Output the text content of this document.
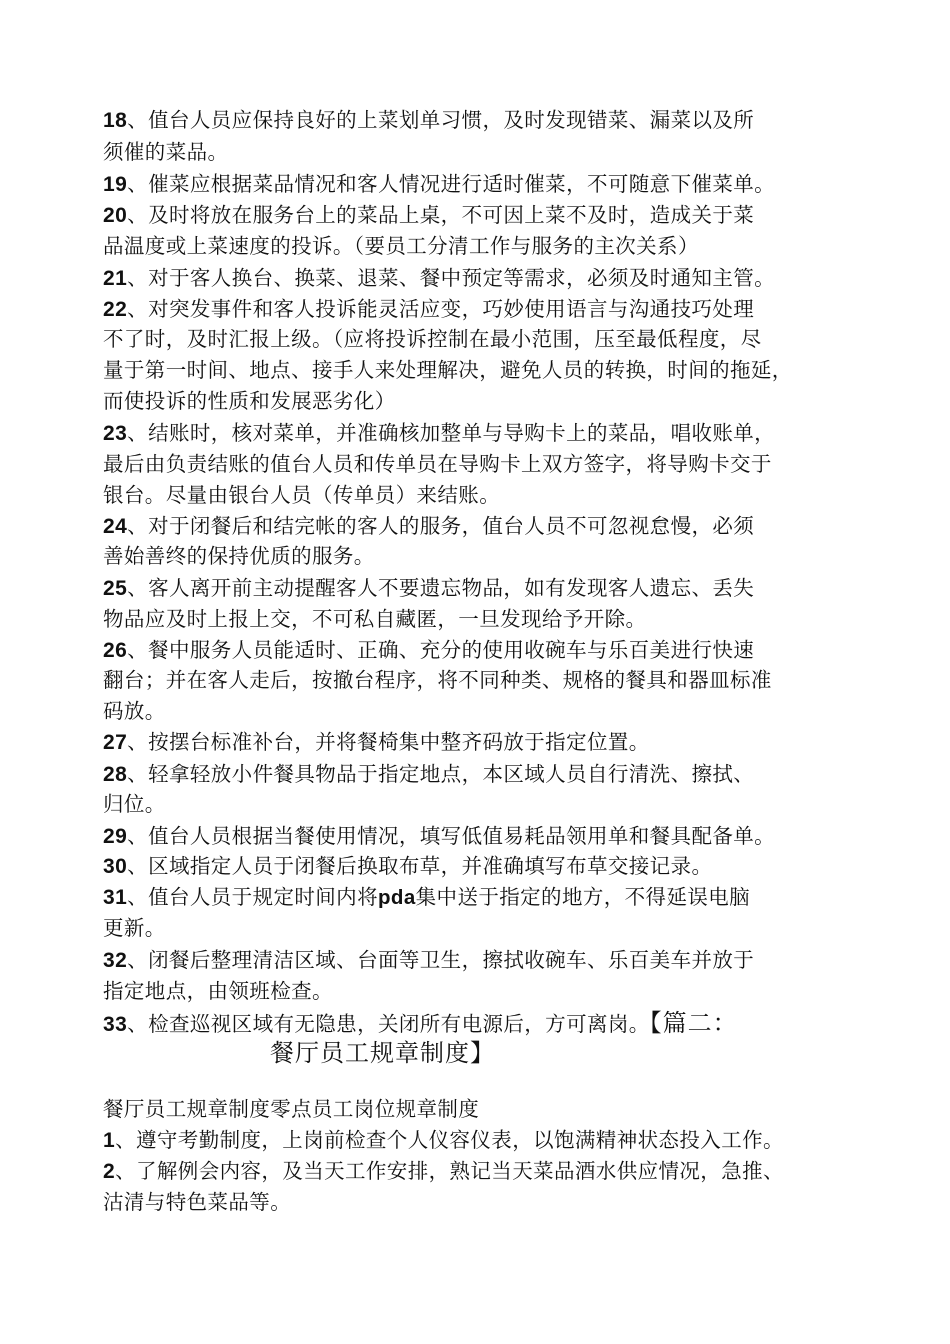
18、值台人员应保持良好的上菜划单习惯，及时发现错菜、漏菜以及所
须催的菜品。
19、催菜应根据菜品情况和客人情况进行适时催菜，不可随意下催菜单。
20、及时将放在服务台上的菜品上桌，不可因上菜不及时，造成关于菜
品温度或上菜速度的投诉。（要员工分清工作与服务的主次关系）
21、对于客人换台、换菜、退菜、餐中预定等需求，必须及时通知主管。
22、对突发事件和客人投诉能灵活应变，巧妙使用语言与沟通技巧处理
不了时，及时汇报上级。（应将投诉控制在最小范围，压至最低程度，尽
量于第一时间、地点、接手人来处理解决，避免人员的转换，时间的拖延，
而使投诉的性质和发展恶劣化）
23、结账时，核对菜单，并准确核加整单与导购卡上的菜品，唱收账单，
最后由负责结账的值台人员和传单员在导购卡上双方签字，将导购卡交于
银台。尽量由银台人员（传单员）来结账。
24、对于闭餐后和结完帐的客人的服务，值台人员不可忽视怠慢，必须
善始善终的保持优质的服务。
25、客人离开前主动提醒客人不要遗忘物品，如有发现客人遗忘、丢失
物品应及时上报上交，不可私自藏匿，一旦发现给予开除。
26、餐中服务人员能适时、正确、充分的使用收碗车与乐百美进行快速
翻台；并在客人走后，按撤台程序，将不同种类、规格的餐具和器皿标准
码放。
27、按摆台标准补台，并将餐椅集中整齐码放于指定位置。
28、轻拿轻放小件餐具物品于指定地点，本区域人员自行清洗、擦拭、
归位。
29、值台人员根据当餐使用情况，填写低值易耗品领用单和餐具配备单。
30、区域指定人员于闭餐后换取布草，并准确填写布草交接记录。
31、值台人员于规定时间内将pda集中送于指定的地方，不得延误电脑
更新。
32、闭餐后整理清洁区域、台面等卫生，擦拭收碗车、乐百美车并放于
指定地点，由领班检查。
33、检查巡视区域有无隐患，关闭所有电源后，方可离岗。【篇二：
餐厅员工规章制度】
餐厅员工规章制度零点员工岗位规章制度
1、遵守考勤制度，上岗前检查个人仪容仪表，以饱满精神状态投入工作。
2、了解例会内容，及当天工作安排，熟记当天菜品酒水供应情况，急推、
沽清与特色菜品等。
